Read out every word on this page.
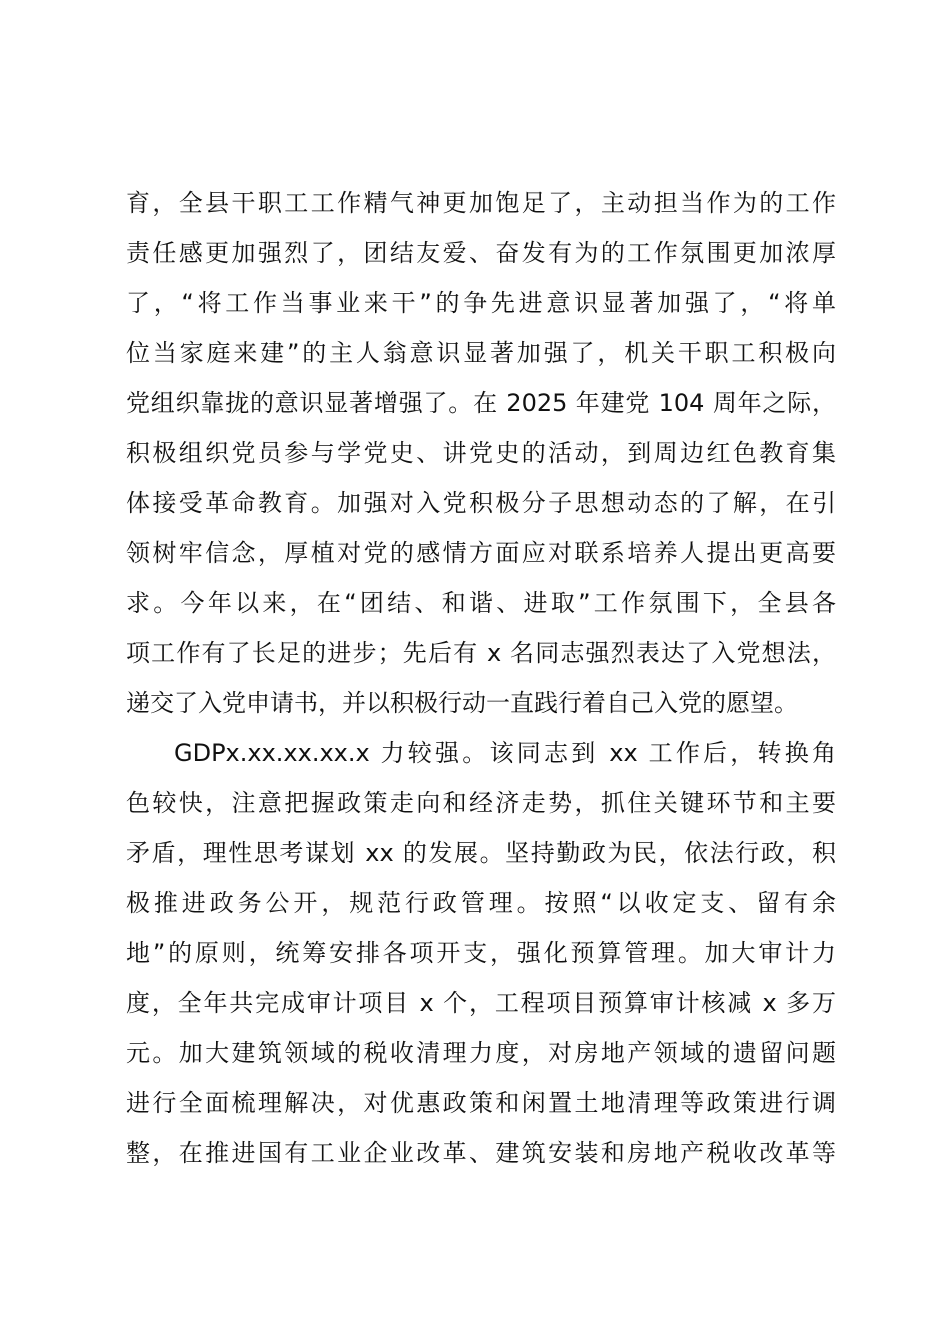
育，全县干职工工作精气神更加饱足了，主动担当作为的工作
责任感更加强烈了，团结友爱、奋发有为的工作氛围更加浓厚
了，“将工作当事业来干”的争先进意识显著加强了，“将单
位当家庭来建”的主人翁意识显著加强了，机关干职工积极向
党组织靠拢的意识显著增强了。在 2025 年建党 104 周年之际，
积极组织党员参与学党史、讲党史的活动，到周边红色教育集
体接受革命教育。加强对入党积极分子思想动态的了解，在引
领树牢信念，厚植对党的感情方面应对联系培养人提出更高要
求。今年以来，在“团结、和谐、进取”工作氛围下，全县各
项工作有了长足的进步；先后有 x 名同志强烈表达了入党想法，
递交了入党申请书，并以积极行动一直践行着自己入党的愿望。
GDPx.xx.xx.xx.x 力较强。该同志到 xx 工作后，转换角
色较快，注意把握政策走向和经济走势，抓住关键环节和主要
矛盾，理性思考谋划 xx 的发展。坚持勤政为民，依法行政，积
极推进政务公开，规范行政管理。按照“以收定支、留有余
地”的原则，统筹安排各项开支，强化预算管理。加大审计力
度，全年共完成审计项目 x 个，工程项目预算审计核减 x 多万
元。加大建筑领域的税收清理力度，对房地产领域的遗留问题
进行全面梳理解决，对优惠政策和闲置土地清理等政策进行调
整，在推进国有工业企业改革、建筑安装和房地产税收改革等
